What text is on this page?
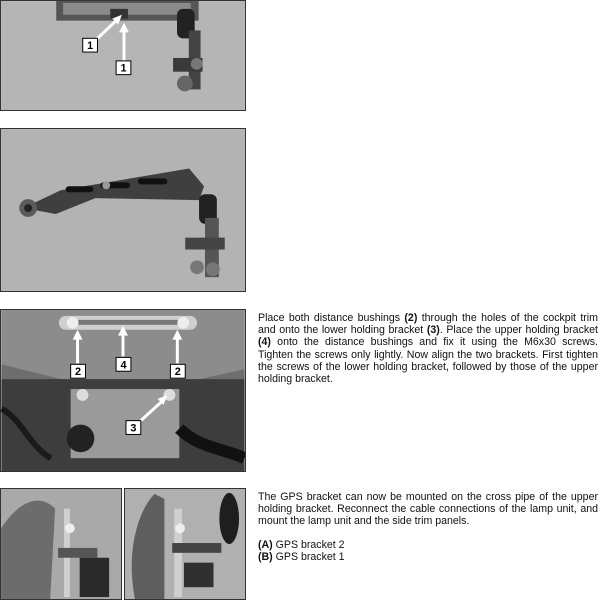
1
1
2
4
2
3

Place both distance bushings (2) through the holes of the cockpit trim and onto the lower holding bracket (3). Place the upper holding bracket (4) onto the distance bushings and fix it using the M6x30 screws. Tighten the screws only lightly. Now align the two brackets. First tighten the screws of the lower holding bracket, followed by those of the upper holding bracket.

The GPS bracket can now be mounted on the cross pipe of the upper holding bracket. Reconnect the cable connections of the lamp unit, and mount the lamp unit and the side trim panels.

(A) GPS bracket 2

(B) GPS bracket 1
